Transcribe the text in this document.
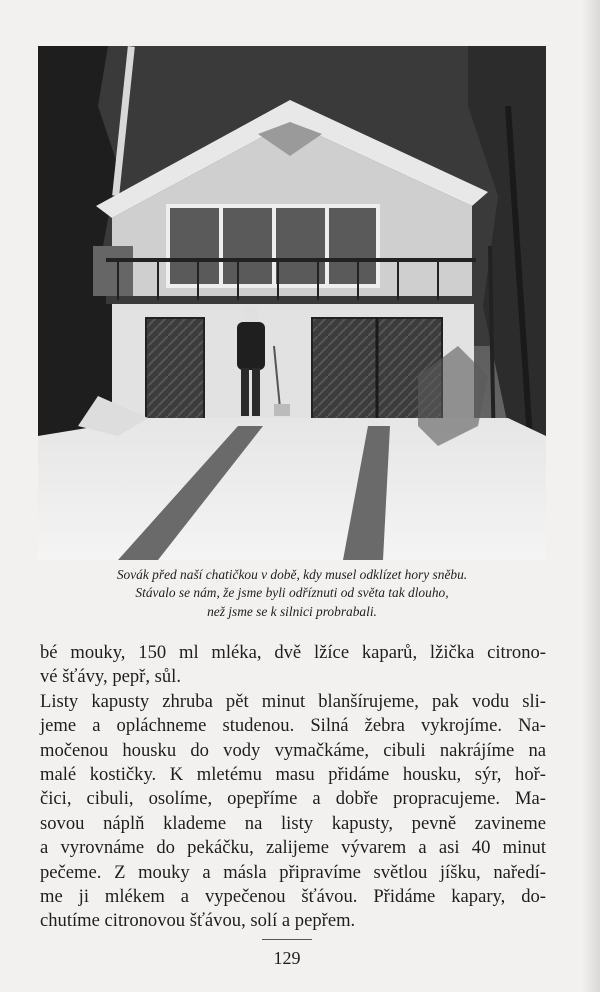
Sovák před naší chatičkou v době, kdy musel odklízet hory sněbu.
Stávalo se nám, že jsme byli odříznuti od světa tak dlouho,
než jsme se k silnici probrabali.
bé mouky, 150 ml mléka, dvě lžíce kaparů, lžička citrono-
vé šťávy, pepř, sůl.
Listy kapusty zhruba pět minut blanšírujeme, pak vodu sli-
jeme a opláchneme studenou. Silná žebra vykrojíme. Na-
močenou housku do vody vymačkáme, cibuli nakrájíme na
malé kostičky. K mletému masu přidáme housku, sýr, hoř-
čici, cibuli, osolíme, opepříme a dobře propracujeme. Ma-
sovou náplň klademe na listy kapusty, pevně zavineme
a vyrovnáme do pekáčku, zalijeme vývarem a asi 40 minut
pečeme. Z mouky a másla připravíme světlou jíšku, naředí-
me ji mlékem a vypečenou šťávou. Přidáme kapary, do-
chutíme citronovou šťávou, solí a pepřem.
129
